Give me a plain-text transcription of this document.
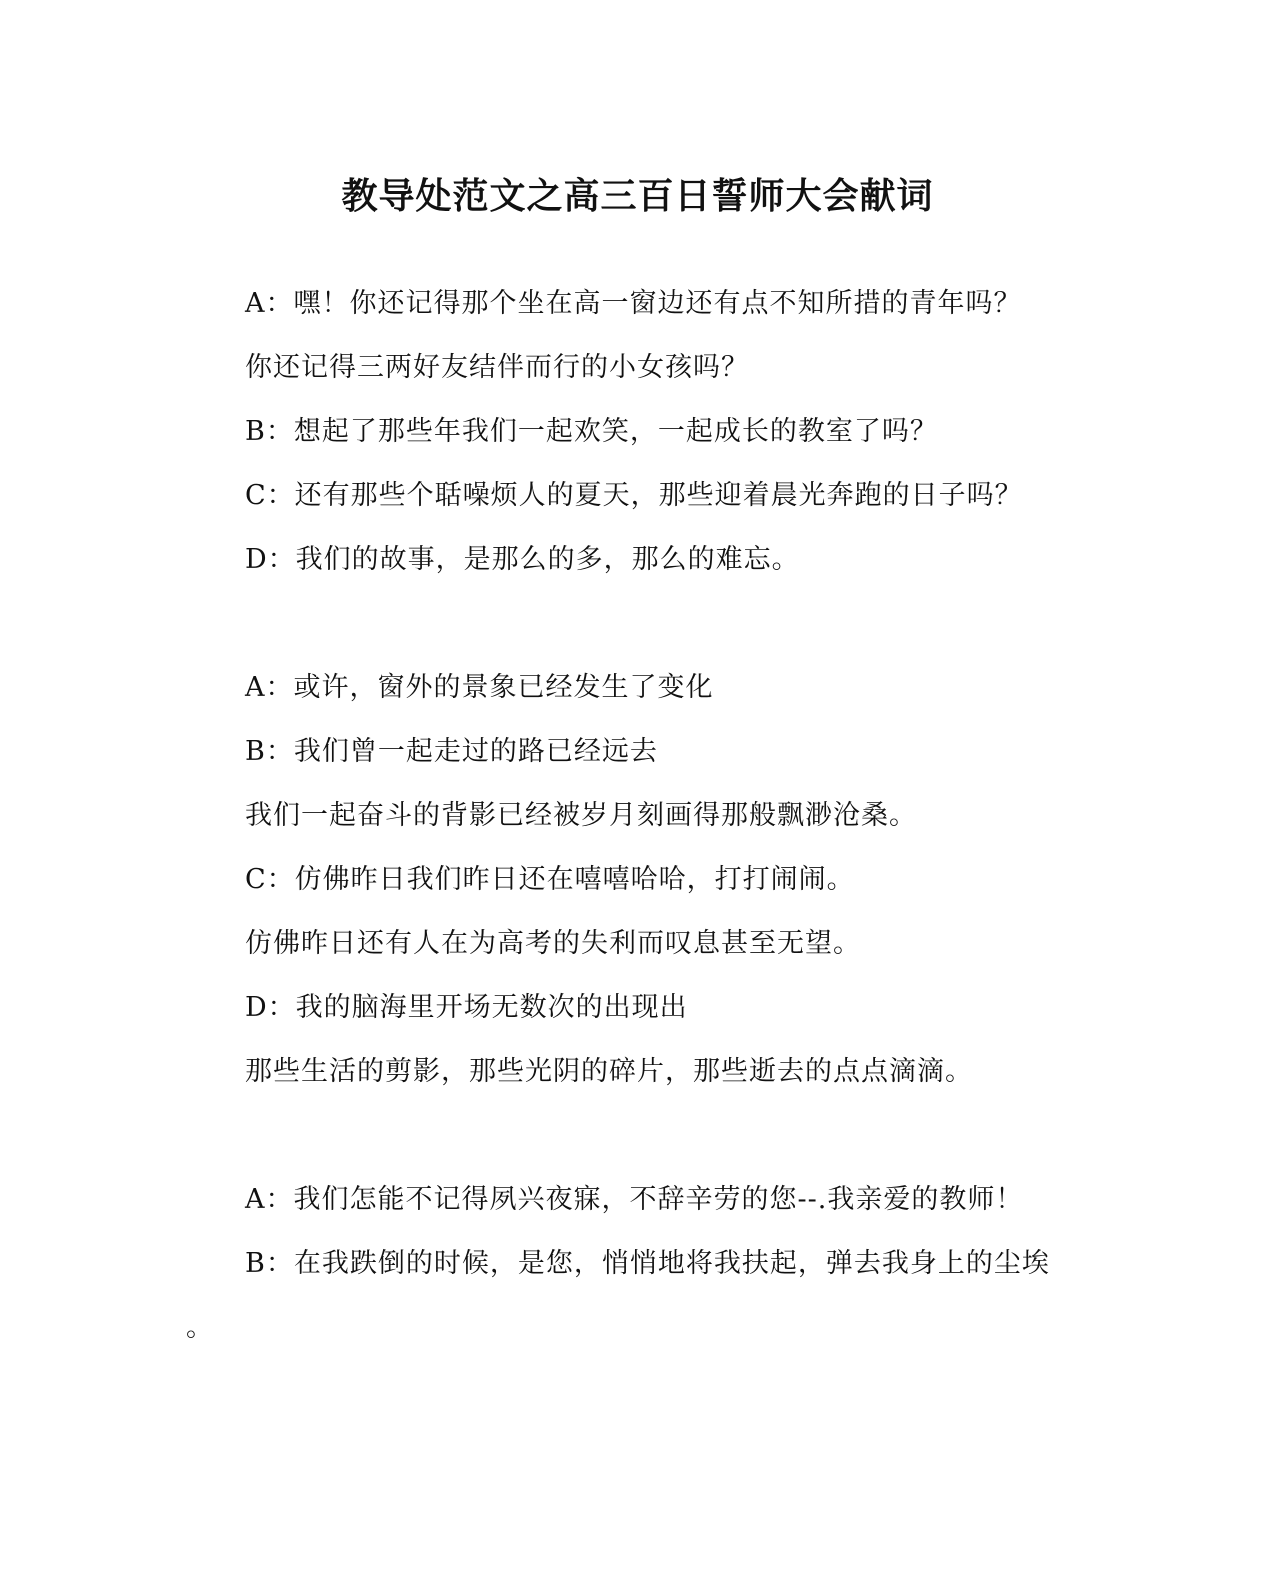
教导处范文之高三百日誓师大会献词
A：嘿！你还记得那个坐在高一窗边还有点不知所措的青年吗？
你还记得三两好友结伴而行的小女孩吗？
B：想起了那些年我们一起欢笑，一起成长的教室了吗？
C：还有那些个聒噪烦人的夏天，那些迎着晨光奔跑的日子吗？
D：我们的故事，是那么的多，那么的难忘。
A：或许，窗外的景象已经发生了变化
B：我们曾一起走过的路已经远去
我们一起奋斗的背影已经被岁月刻画得那般飘渺沧桑。
C：仿佛昨日我们昨日还在嘻嘻哈哈，打打闹闹。
仿佛昨日还有人在为高考的失利而叹息甚至无望。
D：我的脑海里开场无数次的出现出
那些生活的剪影，那些光阴的碎片，那些逝去的点点滴滴。
A：我们怎能不记得夙兴夜寐，不辞辛劳的您--.我亲爱的教师！
B：在我跌倒的时候，是您，悄悄地将我扶起，弹去我身上的尘埃
。
